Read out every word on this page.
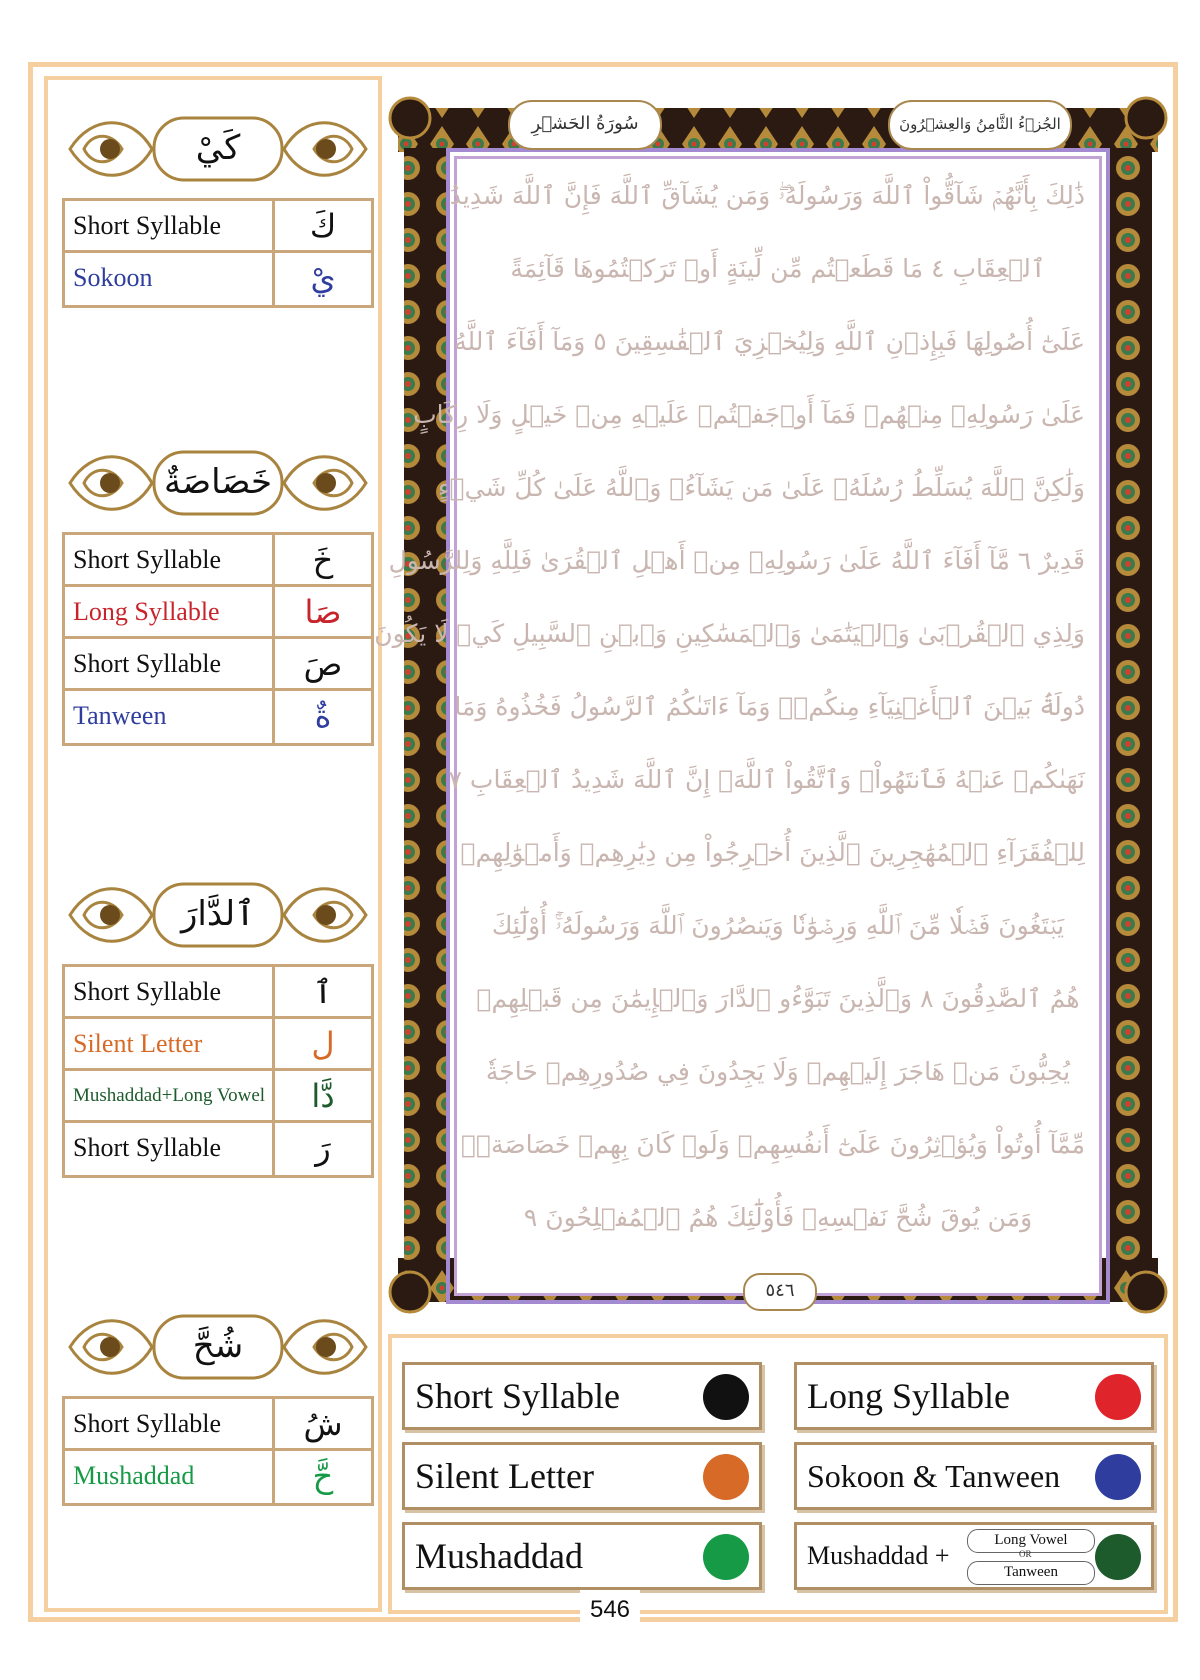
كَيْ
Short Syllable	كَ
Sokoon	يْ
خَصَاصَةٌ
Short Syllable	خَ
Long Syllable	صَا
Short Syllable	صَ
Tanween	ةٌ
ٱلدَّارَ
Short Syllable	ٱ
Silent Letter	ل
Mushaddad+Long Vowel	دَّا
Short Syllable	رَ
شُحَّ
Short Syllable	شُ
Mushaddad	حَّ
سُورَةُ الحَشۡرِ	الجُزۡءُ الثَّامِنُ وَالعِشۡرُونَ
ذَٰلِكَ بِأَنَّهُمۡ شَآقُّواْ ٱللَّهَ وَرَسُولَهُۥۖ وَمَن يُشَآقِّ ٱللَّهَ فَإِنَّ ٱللَّهَ شَدِيدُ
ٱلۡعِقَابِ ٤ مَا قَطَعۡتُم مِّن لِّينَةٍ أَوۡ تَرَكۡتُمُوهَا قَآئِمَةً
عَلَىٰٓ أُصُولِهَا فَبِإِذۡنِ ٱللَّهِ وَلِيُخۡزِيَ ٱلۡفَٰسِقِينَ ٥ وَمَآ أَفَآءَ ٱللَّهُ
عَلَىٰ رَسُولِهِۦ مِنۡهُمۡ فَمَآ أَوۡجَفۡتُمۡ عَلَيۡهِ مِنۡ خَيۡلٍ وَلَا رِكَابٍ
وَلَٰكِنَّ ٱللَّهَ يُسَلِّطُ رُسُلَهُۥ عَلَىٰ مَن يَشَآءُۚ وَٱللَّهُ عَلَىٰ كُلِّ شَيۡءٍ
قَدِيرٌ ٦ مَّآ أَفَآءَ ٱللَّهُ عَلَىٰ رَسُولِهِۦ مِنۡ أَهۡلِ ٱلۡقُرَىٰ فَلِلَّهِ وَلِلرَّسُولِ
وَلِذِي ٱلۡقُرۡبَىٰ وَٱلۡيَتَٰمَىٰ وَٱلۡمَسَٰكِينِ وَٱبۡنِ ٱلسَّبِيلِ كَيۡ لَا يَكُونَ
دُولَةَۢ بَيۡنَ ٱلۡأَغۡنِيَآءِ مِنكُمۡۚ وَمَآ ءَاتَىٰكُمُ ٱلرَّسُولُ فَخُذُوهُ وَمَا
نَهَىٰكُمۡ عَنۡهُ فَٱنتَهُواْۚ وَٱتَّقُواْ ٱللَّهَۖ إِنَّ ٱللَّهَ شَدِيدُ ٱلۡعِقَابِ ٧
لِلۡفُقَرَآءِ ٱلۡمُهَٰجِرِينَ ٱلَّذِينَ أُخۡرِجُواْ مِن دِيَٰرِهِمۡ وَأَمۡوَٰلِهِمۡ
يَبۡتَغُونَ فَضۡلٗا مِّنَ ٱللَّهِ وَرِضۡوَٰنٗا وَيَنصُرُونَ ٱللَّهَ وَرَسُولَهُۥٓۚ أُوْلَٰٓئِكَ
هُمُ ٱلصَّٰدِقُونَ ٨ وَٱلَّذِينَ تَبَوَّءُو ٱلدَّارَ وَٱلۡإِيمَٰنَ مِن قَبۡلِهِمۡ
يُحِبُّونَ مَنۡ هَاجَرَ إِلَيۡهِمۡ وَلَا يَجِدُونَ فِي صُدُورِهِمۡ حَاجَةٗ
مِّمَّآ أُوتُواْ وَيُؤۡثِرُونَ عَلَىٰٓ أَنفُسِهِمۡ وَلَوۡ كَانَ بِهِمۡ خَصَاصَةٞۚ
وَمَن يُوقَ شُحَّ نَفۡسِهِۦ فَأُوْلَٰٓئِكَ هُمُ ٱلۡمُفۡلِحُونَ ٩
٥٤٦
Short Syllable	Long Syllable
Silent Letter	Sokoon & Tanween
Mushaddad	Mushaddad +
Long Vowel
OR
Tanween
546
